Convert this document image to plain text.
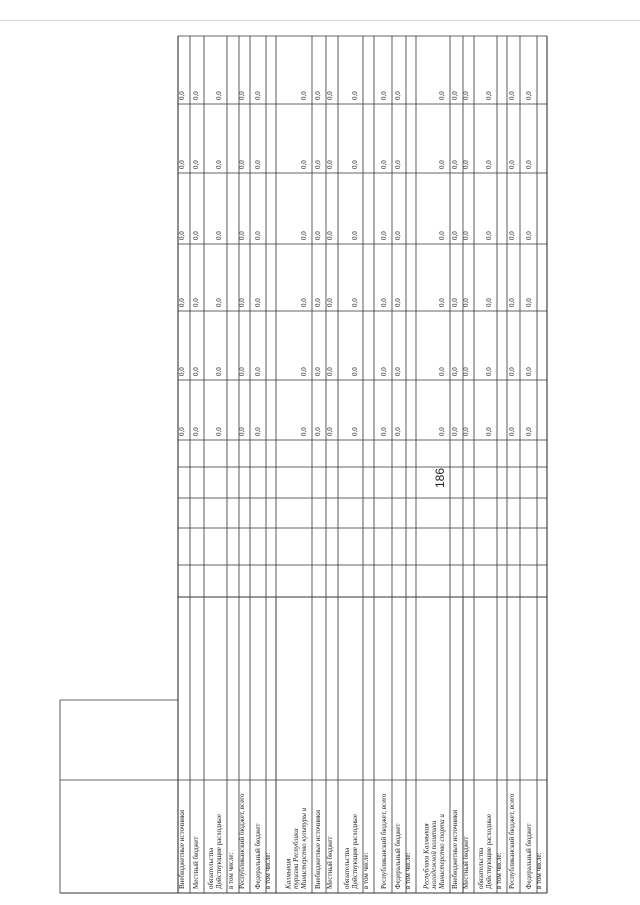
186
в том числе:
Федеральный бюджет
0,0
0,0
0,0
0,0
0,0
0,0
Республиканский бюджет, всего
0,0
0,0
0,0
0,0
0,0
0,0
в том числе:
Действующие расходные
обязательства
0,0
0,0
0,0
0,0
0,0
0,0
Местный бюджет
0,0
0,0
0,0
0,0
0,0
0,0
Внебюджетные источники
0,0
0,0
0,0
0,0
0,0
0,0
Министерство спорта и
молодежной политики
Республики Калмыкия
0,0
0,0
0,0
0,0
0,0
0,0
в том числе:
Федеральный бюджет
0,0
0,0
0,0
0,0
0,0
0,0
Республиканский бюджет, всего
0,0
0,0
0,0
0,0
0,0
0,0
в том числе:
Действующие расходные
обязательства
0,0
0,0
0,0
0,0
0,0
0,0
Местный бюджет
0,0
0,0
0,0
0,0
0,0
0,0
Внебюджетные источники
0,0
0,0
0,0
0,0
0,0
0,0
Министерство культуры и
туризма Республики
Калмыкия
0,0
0,0
0,0
0,0
0,0
0,0
в том числе:
Федеральный бюджет
0,0
0,0
0,0
0,0
0,0
0,0
Республиканский бюджет, всего
0,0
0,0
0,0
0,0
0,0
0,0
в том числе:
Действующие расходные
обязательства
0,0
0,0
0,0
0,0
0,0
0,0
Местный бюджет
0,0
0,0
0,0
0,0
0,0
0,0
Внебюджетные источники
0,0
0,0
0,0
0,0
0,0
0,0
